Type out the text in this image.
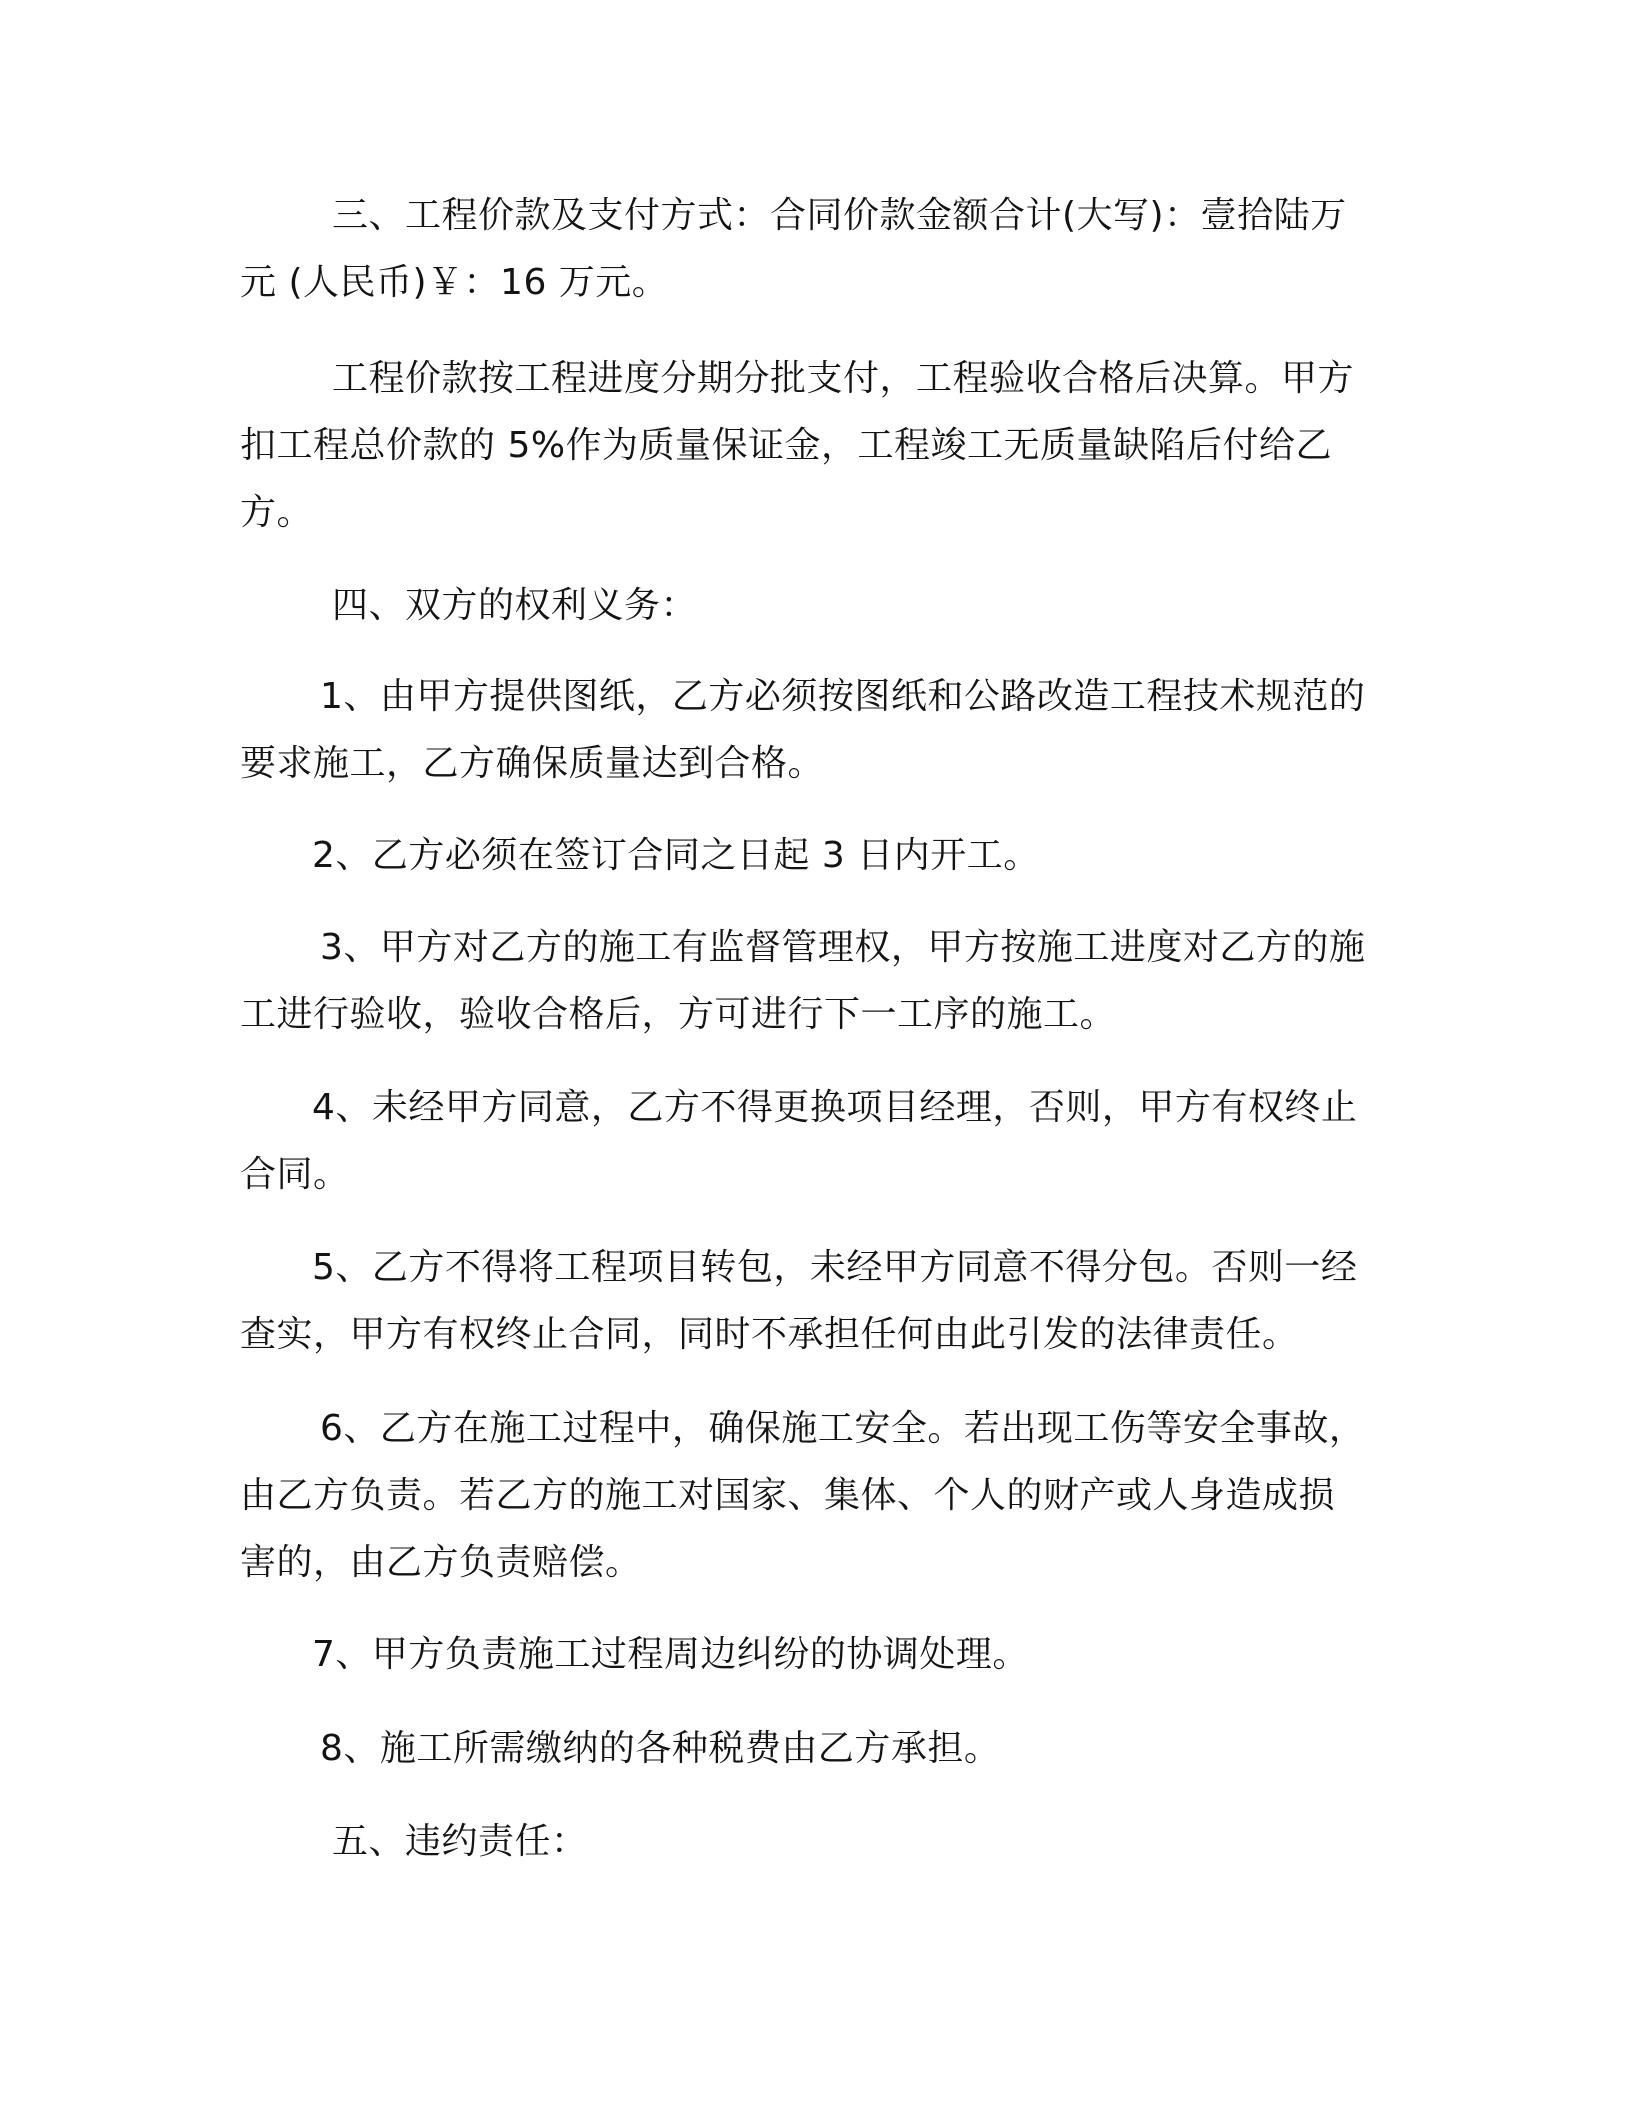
三、工程价款及支付方式：合同价款金额合计(大写)：壹拾陆万
元 (人民币)￥：16 万元。

工程价款按工程进度分期分批支付，工程验收合格后决算。甲方
扣工程总价款的 5%作为质量保证金，工程竣工无质量缺陷后付给乙
方。

四、双方的权利义务：

1、由甲方提供图纸，乙方必须按图纸和公路改造工程技术规范的
要求施工，乙方确保质量达到合格。

2、乙方必须在签订合同之日起 3 日内开工。

3、甲方对乙方的施工有监督管理权，甲方按施工进度对乙方的施
工进行验收，验收合格后，方可进行下一工序的施工。

4、未经甲方同意，乙方不得更换项目经理，否则，甲方有权终止
合同。

5、乙方不得将工程项目转包，未经甲方同意不得分包。否则一经
查实，甲方有权终止合同，同时不承担任何由此引发的法律责任。

6、乙方在施工过程中，确保施工安全。若出现工伤等安全事故，
由乙方负责。若乙方的施工对国家、集体、个人的财产或人身造成损
害的，由乙方负责赔偿。

7、甲方负责施工过程周边纠纷的协调处理。

8、施工所需缴纳的各种税费由乙方承担。

五、违约责任：
